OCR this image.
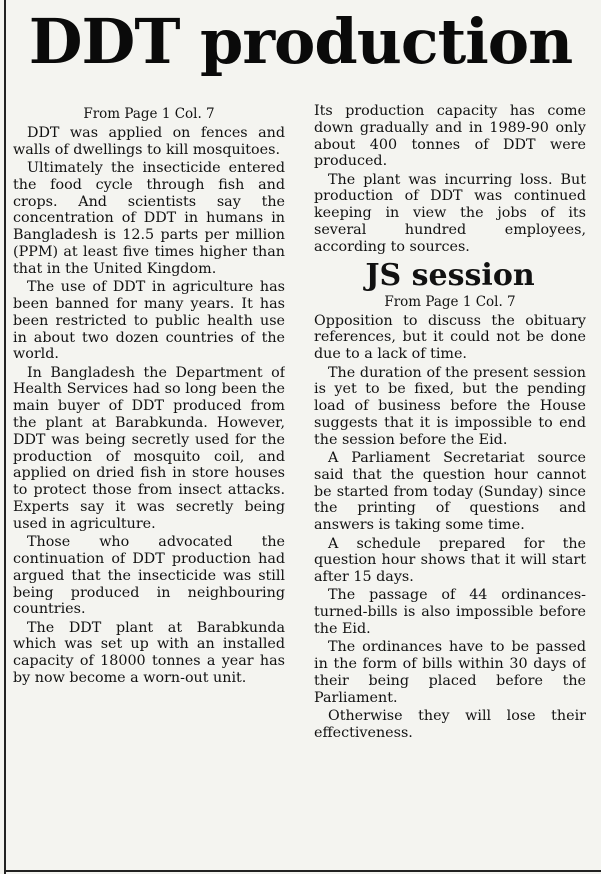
DDT production
From Page 1 Col. 7

DDT was applied on fences and walls of dwellings to kill mosquitoes.

Ultimately the insecticide entered the food cycle through fish and crops. And scientists say the concentration of DDT in humans in Bangladesh is 12.5 parts per million (PPM) at least five times higher than that in the United Kingdom.

The use of DDT in agriculture has been banned for many years. It has been restricted to public health use in about two dozen countries of the world.

In Bangladesh the Department of Health Services had so long been the main buyer of DDT produced from the plant at Barabkunda. However, DDT was being secretly used for the production of mosquito coil, and applied on dried fish in store houses to protect those from insect attacks. Experts say it was secretly being used in agriculture.

Those who advocated the continuation of DDT production had argued that the insecticide was still being produced in neighbouring countries.

The DDT plant at Barabkunda which was set up with an installed capacity of 18000 tonnes a year has by now become a worn-out unit.

Its production capacity has come down gradually and in 1989-90 only about 400 tonnes of DDT were produced.

The plant was incurring loss. But production of DDT was continued keeping in view the jobs of its several hundred employees, according to sources.

JS session
From Page 1 Col. 7

Opposition to discuss the obituary references, but it could not be done due to a lack of time.

The duration of the present session is yet to be fixed, but the pending load of business before the House suggests that it is impossible to end the session before the Eid.

A Parliament Secretariat source said that the question hour cannot be started from today (Sunday) since the printing of questions and answers is taking some time.

A schedule prepared for the question hour shows that it will start after 15 days.

The passage of 44 ordinances-turned-bills is also impossible before the Eid.

The ordinances have to be passed in the form of bills within 30 days of their being placed before the Parliament.

Otherwise they will lose their effectiveness.
